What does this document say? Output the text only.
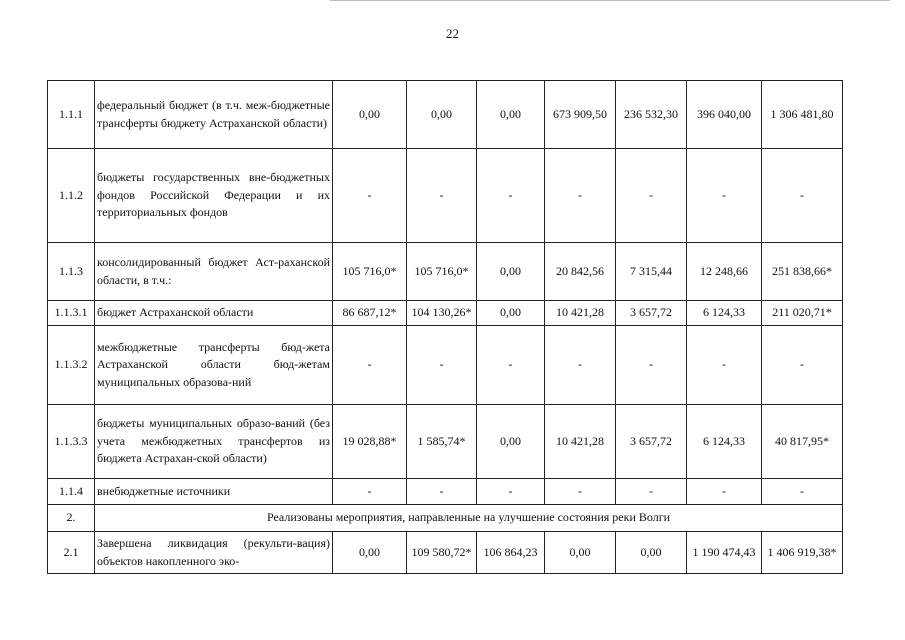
22
1.1.1	федеральный бюджет (в т.ч. меж-бюджетные трансферты бюджету Астраханской области)	0,00	0,00	0,00	673 909,50	236 532,30	396 040,00	1 306 481,80
1.1.2	бюджеты государственных вне-бюджетных фондов Российской Федерации и их территориальных фондов	-	-	-	-	-	-	-
1.1.3	консолидированный бюджет Аст-раханской области, в т.ч.:	105 716,0*	105 716,0*	0,00	20 842,56	7 315,44	12 248,66	251 838,66*
1.1.3.1	бюджет Астраханской области	86 687,12*	104 130,26*	0,00	10 421,28	3 657,72	6 124,33	211 020,71*
1.1.3.2	межбюджетные трансферты бюд-жета Астраханской области бюд-жетам муниципальных образова-ний	-	-	-	-	-	-	-
1.1.3.3	бюджеты муниципальных образо-ваний (без учета межбюджетных трансфертов из бюджета Астрахан-ской области)	19 028,88*	1 585,74*	0,00	10 421,28	3 657,72	6 124,33	40 817,95*
1.1.4	внебюджетные источники	-	-	-	-	-	-	-
2.	Реализованы мероприятия, направленные на улучшение состояния реки Волги							
2.1	Завершена ликвидация (рекульти-вация) объектов накопленного эко-	0,00	109 580,72*	106 864,23	0,00	0,00	1 190 474,43	1 406 919,38*
